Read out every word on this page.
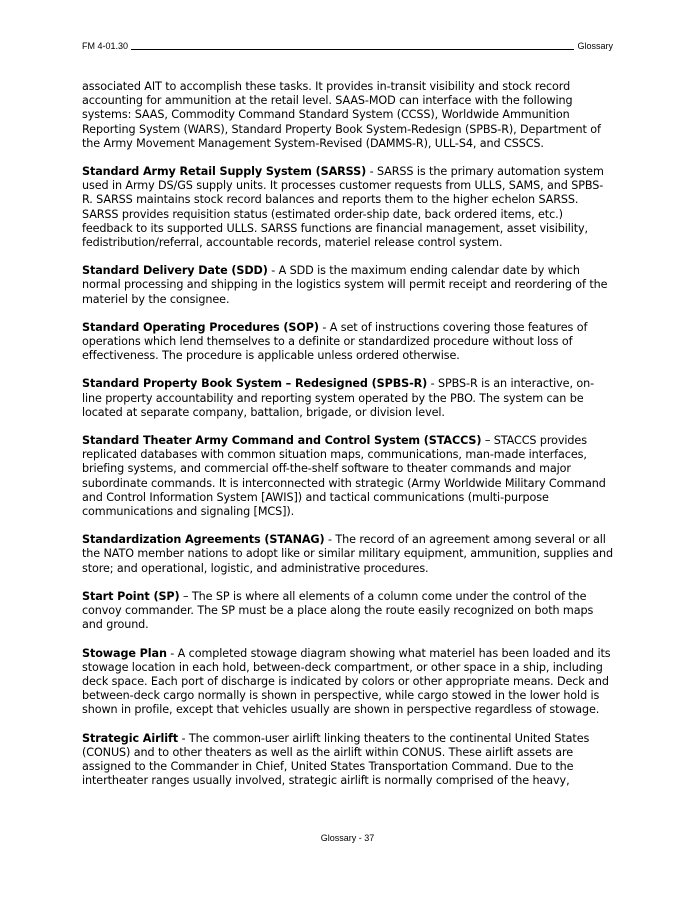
FM 4-01.30	Glossary

associated AIT to accomplish these tasks. It provides in-transit visibility and stock record accounting for ammunition at the retail level. SAAS-MOD can interface with the following systems: SAAS, Commodity Command Standard System (CCSS), Worldwide Ammunition Reporting System (WARS), Standard Property Book System-Redesign (SPBS-R), Department of the Army Movement Management System-Revised (DAMMS-R), ULL-S4, and CSSCS.

Standard Army Retail Supply System (SARSS) - SARSS is the primary automation system used in Army DS/GS supply units. It processes customer requests from ULLS, SAMS, and SPBS-R. SARSS maintains stock record balances and reports them to the higher echelon SARSS. SARSS provides requisition status (estimated order-ship date, back ordered items, etc.) feedback to its supported ULLS. SARSS functions are financial management, asset visibility, fedistribution/referral, accountable records, materiel release control system.

Standard Delivery Date (SDD) - A SDD is the maximum ending calendar date by which normal processing and shipping in the logistics system will permit receipt and reordering of the materiel by the consignee.

Standard Operating Procedures (SOP) - A set of instructions covering those features of operations which lend themselves to a definite or standardized procedure without loss of effectiveness. The procedure is applicable unless ordered otherwise.

Standard Property Book System – Redesigned (SPBS-R) - SPBS-R is an interactive, on-line property accountability and reporting system operated by the PBO. The system can be located at separate company, battalion, brigade, or division level.

Standard Theater Army Command and Control System (STACCS) – STACCS provides replicated databases with common situation maps, communications, man-made interfaces, briefing systems, and commercial off-the-shelf software to theater commands and major subordinate commands. It is interconnected with strategic (Army Worldwide Military Command and Control Information System [AWIS]) and tactical communications (multi-purpose communications and signaling [MCS]).

Standardization Agreements (STANAG) - The record of an agreement among several or all the NATO member nations to adopt like or similar military equipment, ammunition, supplies and store; and operational, logistic, and administrative procedures.

Start Point (SP) – The SP is where all elements of a column come under the control of the convoy commander. The SP must be a place along the route easily recognized on both maps and ground.

Stowage Plan - A completed stowage diagram showing what materiel has been loaded and its stowage location in each hold, between-deck compartment, or other space in a ship, including deck space. Each port of discharge is indicated by colors or other appropriate means. Deck and between-deck cargo normally is shown in perspective, while cargo stowed in the lower hold is shown in profile, except that vehicles usually are shown in perspective regardless of stowage.

Strategic Airlift - The common-user airlift linking theaters to the continental United States (CONUS) and to other theaters as well as the airlift within CONUS. These airlift assets are assigned to the Commander in Chief, United States Transportation Command. Due to the intertheater ranges usually involved, strategic airlift is normally comprised of the heavy,

Glossary - 37
